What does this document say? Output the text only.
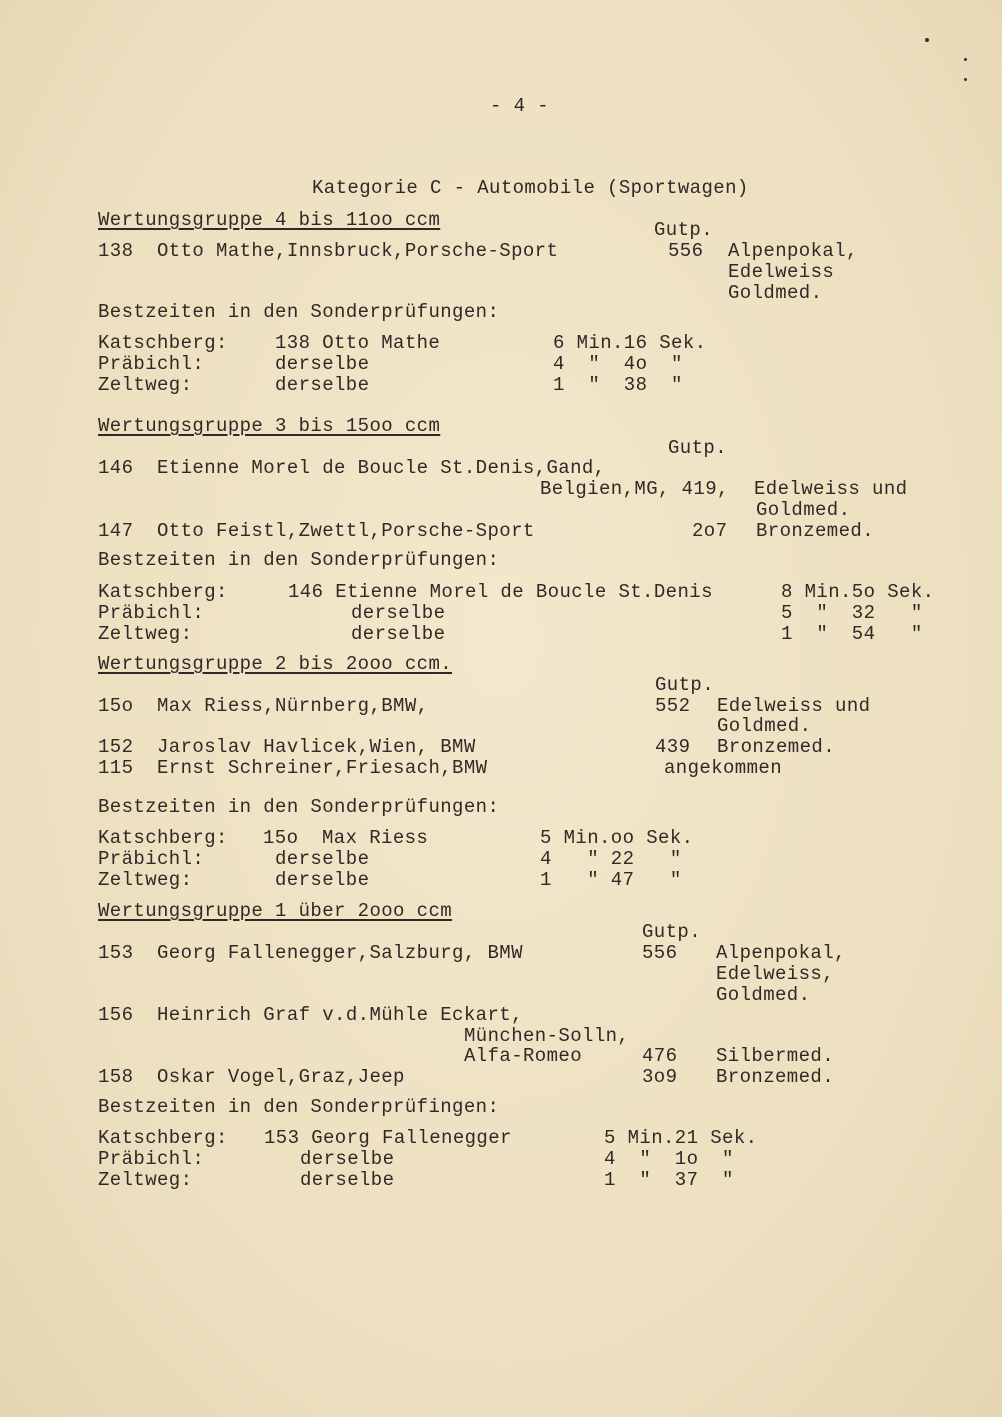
- 4 -
Kategorie C - Automobile (Sportwagen)
Wertungsgruppe 4 bis 11oo ccm	Gutp.
138  Otto Mathe,Innsbruck,Porsche-Sport	556 Alpenpokal,
Edelweiss
Goldmed.
Bestzeiten in den Sonderprüfungen:
Katschberg: 138 Otto Mathe	6 Min.16 Sek.
Präbichl:	derselbe	4  "  4o  "
Zeltweg:	derselbe	1  "  38  "
Wertungsgruppe 3 bis 15oo ccm
Gutp.
146  Etienne Morel de Boucle St.Denis,Gand,
Belgien,MG, 419, Edelweiss und
Goldmed.
147  Otto Feistl,Zwettl,Porsche-Sport	2o7 Bronzemed.
Bestzeiten in den Sonderprüfungen:
Katschberg:	146 Etienne Morel de Boucle St.Denis	8 Min.5o Sek.
Präbichl:	derselbe	5  "  32   "
Zeltweg:	derselbe	1  "  54   "
Wertungsgruppe 2 bis 2ooo ccm.
Gutp.
15o  Max Riess,Nürnberg,BMW,	552 Edelweiss und
Goldmed.
152  Jaroslav Havlicek,Wien, BMW	439 Bronzemed.
115  Ernst Schreiner,Friesach,BMW	angekommen
Bestzeiten in den Sonderprüfungen:
Katschberg: 15o  Max Riess	5 Min.oo Sek.
Präbichl:	derselbe	4   " 22   "
Zeltweg:	derselbe	1   " 47   "
Wertungsgruppe 1 über 2ooo ccm
Gutp.
153  Georg Fallenegger,Salzburg, BMW	556 Alpenpokal,
Edelweiss,
Goldmed.
156  Heinrich Graf v.d.Mühle Eckart,
München-Solln,
Alfa-Romeo	476 Silbermed.
158  Oskar Vogel,Graz,Jeep	3o9 Bronzemed.
Bestzeiten in den Sonderprüfingen:
Katschberg: 153 Georg Fallenegger	5 Min.21 Sek.
Präbichl:	derselbe	4  "  1o  "
Zeltweg:	derselbe	1  "  37  "
